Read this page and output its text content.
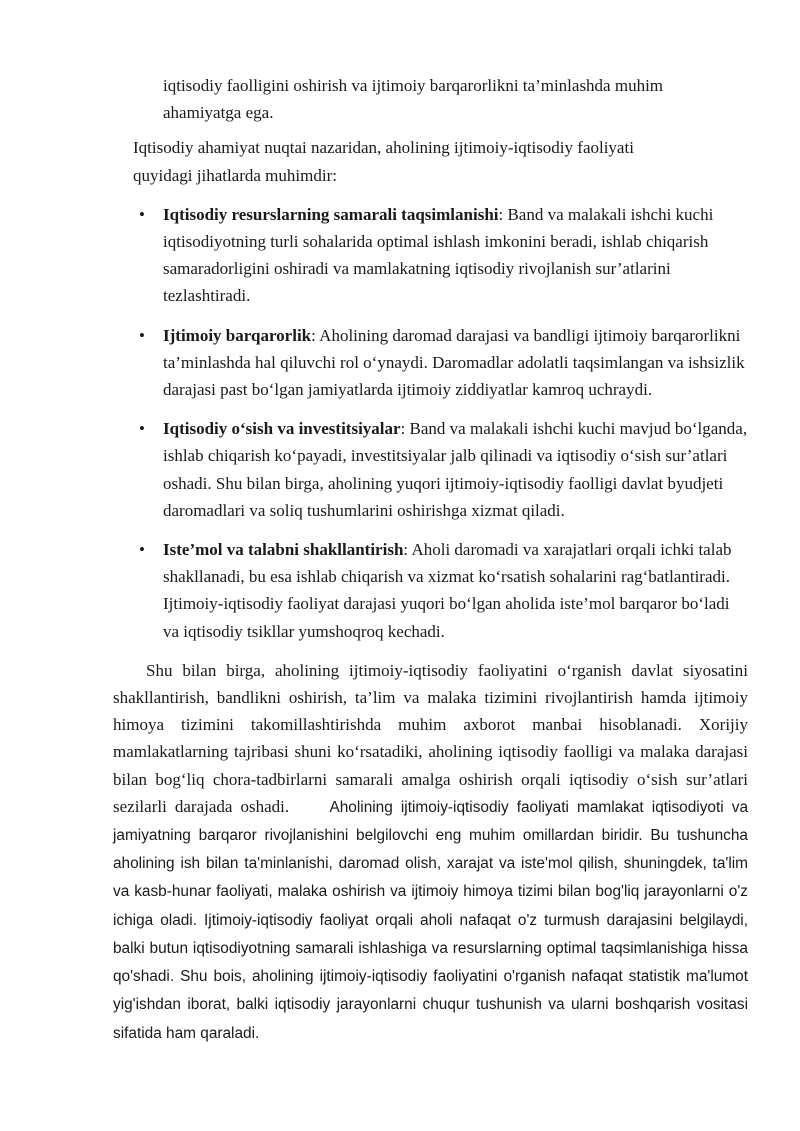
iqtisodiy faolligini oshirish va ijtimoiy barqarorlikni ta’minlashda muhim ahamiyatga ega.

Iqtisodiy ahamiyat nuqtai nazaridan, aholining ijtimoiy-iqtisodiy faoliyati quyidagi jihatlarda muhimdir:

• Iqtisodiy resurslarning samarali taqsimlanishi: Band va malakali ishchi kuchi iqtisodiyotning turli sohalarida optimal ishlash imkonini beradi, ishlab chiqarish samaradorligini oshiradi va mamlakatning iqtisodiy rivojlanish sur’atlarini tezlashtiradi.
• Ijtimoiy barqarorlik: Aholining daromad darajasi va bandligi ijtimoiy barqarorlikni ta’minlashda hal qiluvchi rol o‘ynaydi. Daromadlar adolatli taqsimlangan va ishsizlik darajasi past bo‘lgan jamiyatlarda ijtimoiy ziddiyatlar kamroq uchraydi.
• Iqtisodiy o‘sish va investitsiyalar: Band va malakali ishchi kuchi mavjud bo‘lganda, ishlab chiqarish ko‘payadi, investitsiyalar jalb qilinadi va iqtisodiy o‘sish sur’atlari oshadi. Shu bilan birga, aholining yuqori ijtimoiy-iqtisodiy faolligi davlat byudjeti daromadlari va soliq tushumlarini oshirishga xizmat qiladi.
• Iste’mol va talabni shakllantirish: Aholi daromadi va xarajatlari orqali ichki talab shakllanadi, bu esa ishlab chiqarish va xizmat ko‘rsatish sohalarini rag‘batlantiradi. Ijtimoiy-iqtisodiy faoliyat darajasi yuqori bo‘lgan aholida iste’mol barqaror bo‘ladi va iqtisodiy tsikllar yumshoqroq kechadi.

Shu bilan birga, aholining ijtimoiy-iqtisodiy faoliyatini o‘rganish davlat siyosatini shakllantirish, bandlikni oshirish, ta’lim va malaka tizimini rivojlantirish hamda ijtimoiy himoya tizimini takomillashtirishda muhim axborot manbai hisoblanadi. Xorijiy mamlakatlarning tajribasi shuni ko‘rsatadiki, aholining iqtisodiy faolligi va malaka darajasi bilan bog‘liq chora-tadbirlarni samarali amalga oshirish orqali iqtisodiy o‘sish sur’atlari sezilarli darajada oshadi.	Aholining ijtimoiy-iqtisodiy faoliyati mamlakat iqtisodiyoti va jamiyatning barqaror rivojlanishini belgilovchi eng muhim omillardan biridir. Bu tushuncha aholining ish bilan ta'minlanishi, daromad olish, xarajat va iste'mol qilish, shuningdek, ta'lim va kasb-hunar faoliyati, malaka oshirish va ijtimoiy himoya tizimi bilan bog'liq jarayonlarni o'z ichiga oladi. Ijtimoiy-iqtisodiy faoliyat orqali aholi nafaqat o'z turmush darajasini belgilaydi, balki butun iqtisodiyotning samarali ishlashiga va resurslarning optimal taqsimlanishiga hissa qo'shadi. Shu bois, aholining ijtimoiy-iqtisodiy faoliyatini o'rganish nafaqat statistik ma'lumot yig'ishdan iborat, balki iqtisodiy jarayonlarni chuqur tushunish va ularni boshqarish vositasi sifatida ham qaraladi.
